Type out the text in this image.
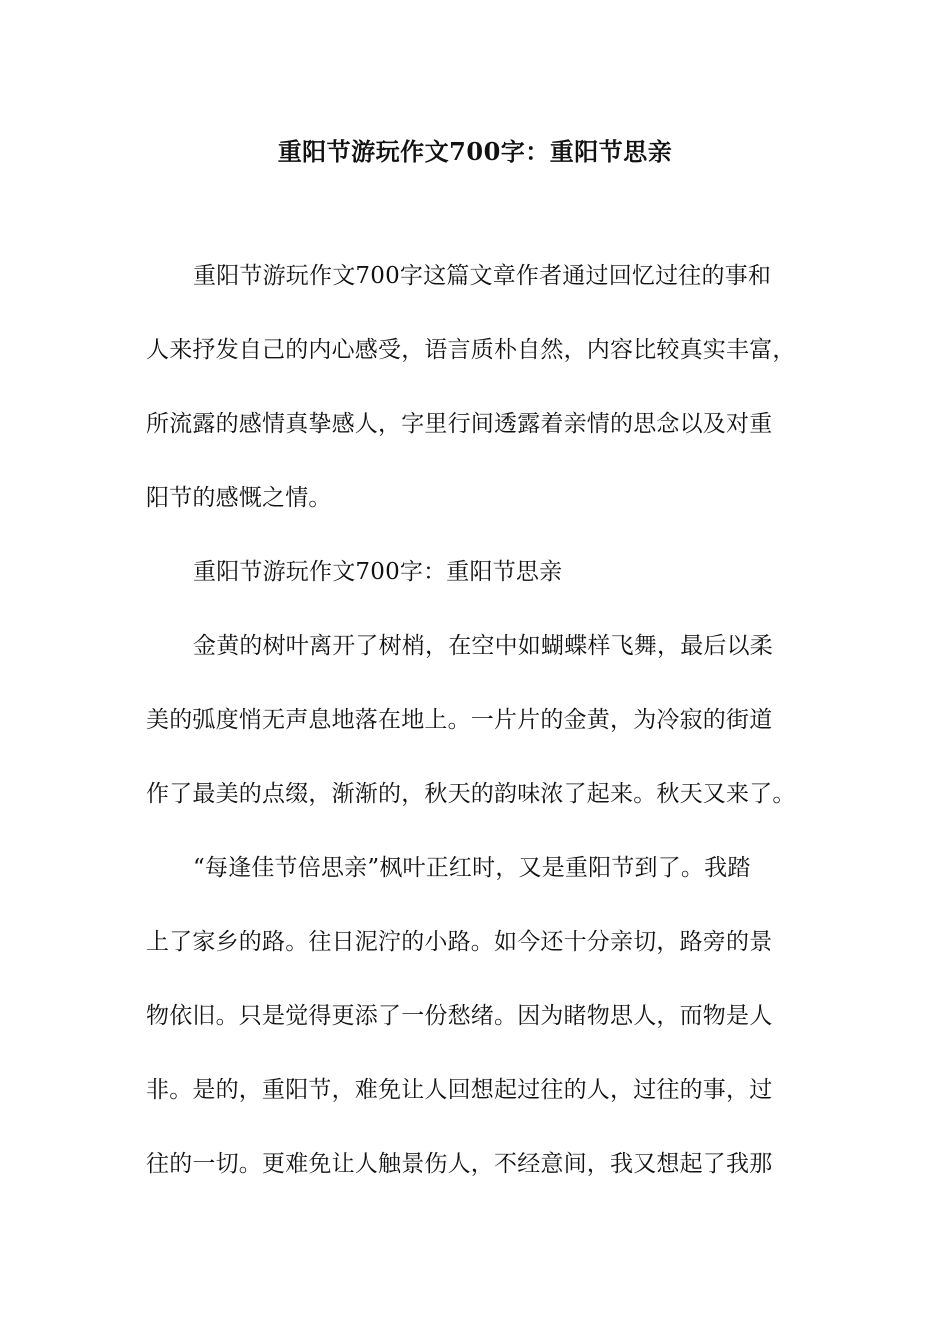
重阳节游玩作文700字：重阳节思亲
重阳节游玩作文700字这篇文章作者通过回忆过往的事和
人来抒发自己的内心感受，语言质朴自然，内容比较真实丰富，
所流露的感情真挚感人，字里行间透露着亲情的思念以及对重
阳节的感慨之情。
重阳节游玩作文700字：重阳节思亲
金黄的树叶离开了树梢，在空中如蝴蝶样飞舞，最后以柔
美的弧度悄无声息地落在地上。一片片的金黄，为冷寂的街道
作了最美的点缀，渐渐的，秋天的韵味浓了起来。秋天又来了。
“每逢佳节倍思亲”枫叶正红时，又是重阳节到了。我踏
上了家乡的路。往日泥泞的小路。如今还十分亲切，路旁的景
物依旧。只是觉得更添了一份愁绪。因为睹物思人，而物是人
非。是的，重阳节，难免让人回想起过往的人，过往的事，过
往的一切。更难免让人触景伤人，不经意间，我又想起了我那
